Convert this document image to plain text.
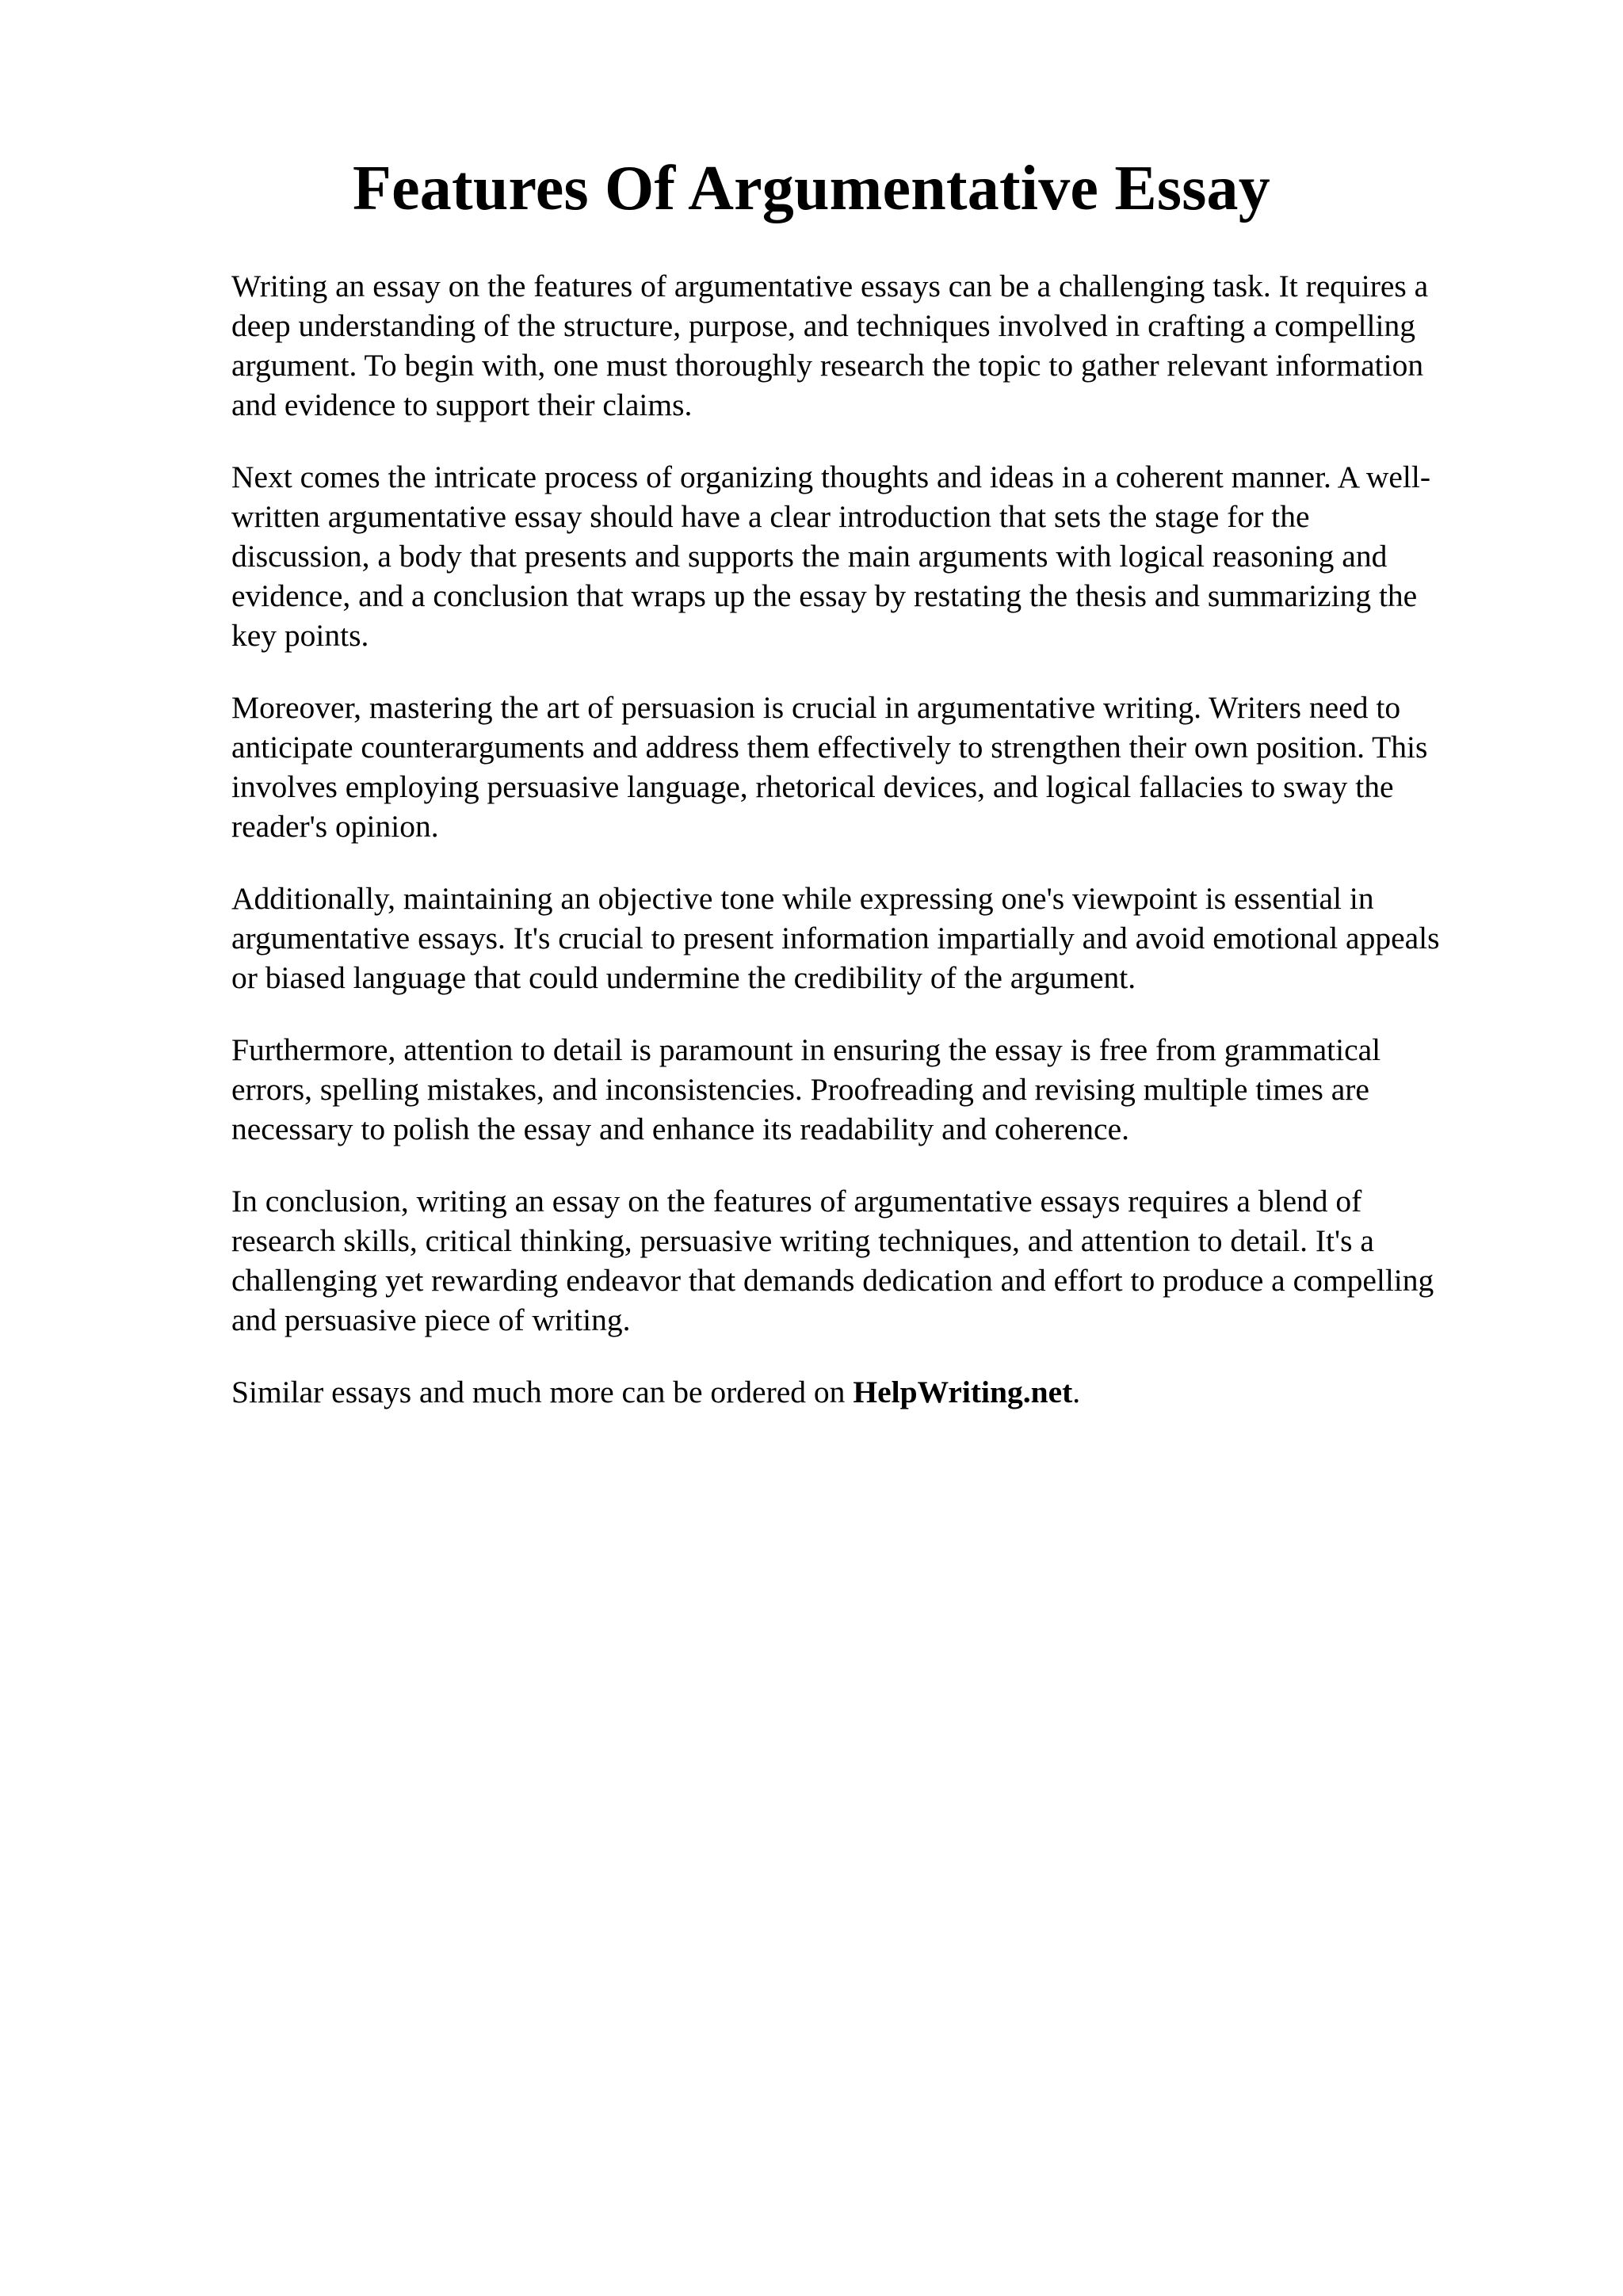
Features Of Argumentative Essay

Writing an essay on the features of argumentative essays can be a challenging task. It requires a
deep understanding of the structure, purpose, and techniques involved in crafting a compelling
argument. To begin with, one must thoroughly research the topic to gather relevant information
and evidence to support their claims.

Next comes the intricate process of organizing thoughts and ideas in a coherent manner. A well-
written argumentative essay should have a clear introduction that sets the stage for the
discussion, a body that presents and supports the main arguments with logical reasoning and
evidence, and a conclusion that wraps up the essay by restating the thesis and summarizing the
key points.

Moreover, mastering the art of persuasion is crucial in argumentative writing. Writers need to
anticipate counterarguments and address them effectively to strengthen their own position. This
involves employing persuasive language, rhetorical devices, and logical fallacies to sway the
reader's opinion.

Additionally, maintaining an objective tone while expressing one's viewpoint is essential in
argumentative essays. It's crucial to present information impartially and avoid emotional appeals
or biased language that could undermine the credibility of the argument.

Furthermore, attention to detail is paramount in ensuring the essay is free from grammatical
errors, spelling mistakes, and inconsistencies. Proofreading and revising multiple times are
necessary to polish the essay and enhance its readability and coherence.

In conclusion, writing an essay on the features of argumentative essays requires a blend of
research skills, critical thinking, persuasive writing techniques, and attention to detail. It's a
challenging yet rewarding endeavor that demands dedication and effort to produce a compelling
and persuasive piece of writing.

Similar essays and much more can be ordered on HelpWriting.net.
